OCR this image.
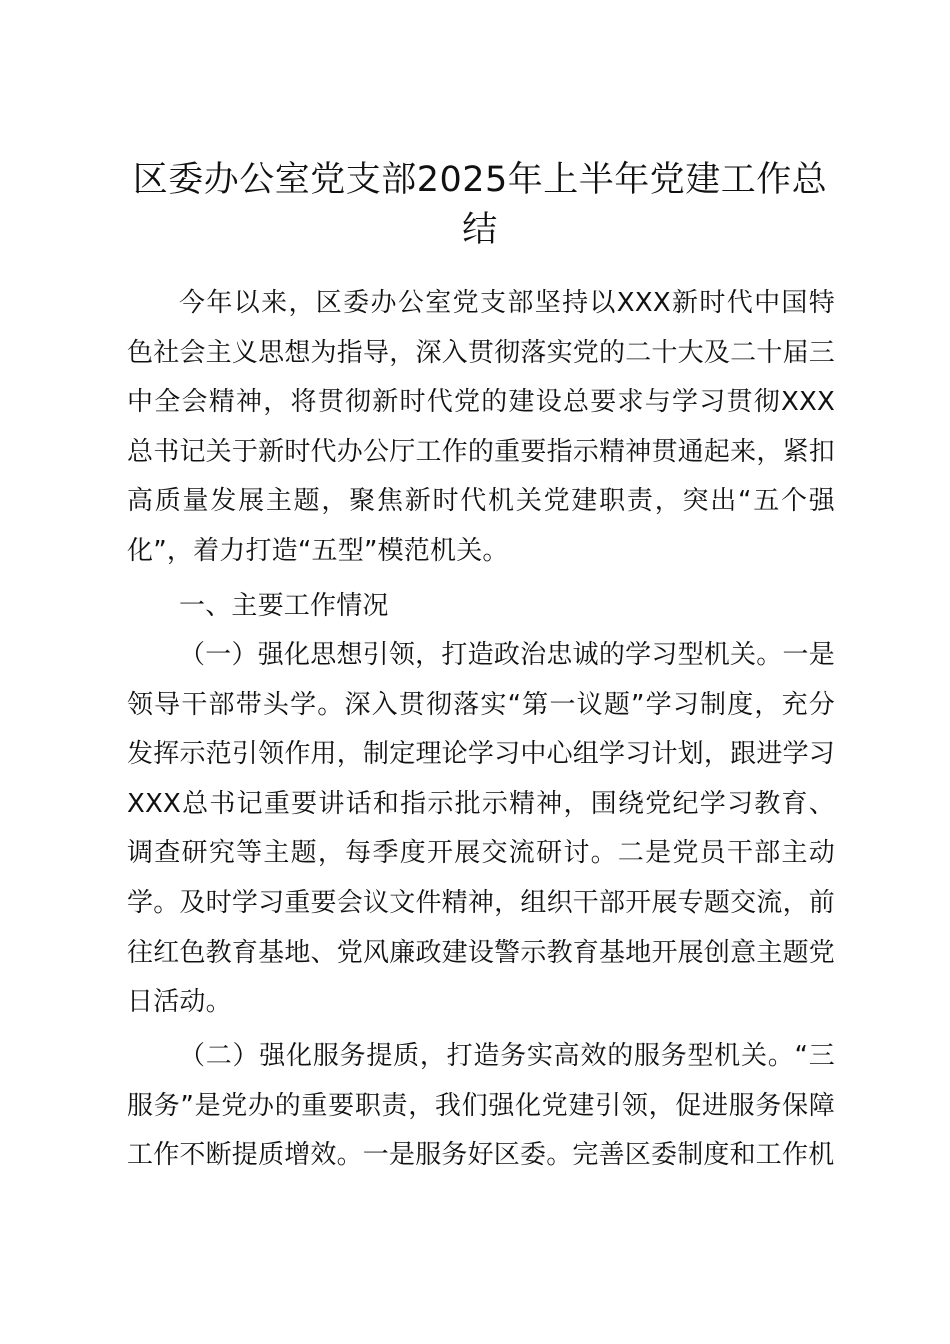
区委办公室党支部2025年上半年党建工作总结

今年以来，区委办公室党支部坚持以XXX新时代中国特色社会主义思想为指导，深入贯彻落实党的二十大及二十届三中全会精神，将贯彻新时代党的建设总要求与学习贯彻XXX总书记关于新时代办公厅工作的重要指示精神贯通起来，紧扣高质量发展主题，聚焦新时代机关党建职责，突出“五个强化”，着力打造“五型”模范机关。

一、主要工作情况

（一）强化思想引领，打造政治忠诚的学习型机关。一是领导干部带头学。深入贯彻落实“第一议题”学习制度，充分发挥示范引领作用，制定理论学习中心组学习计划，跟进学习XXX总书记重要讲话和指示批示精神，围绕党纪学习教育、调查研究等主题，每季度开展交流研讨。二是党员干部主动学。及时学习重要会议文件精神，组织干部开展专题交流，前往红色教育基地、党风廉政建设警示教育基地开展创意主题党日活动。

（二）强化服务提质，打造务实高效的服务型机关。“三服务”是党办的重要职责，我们强化党建引领，促进服务保障工作不断提质增效。一是服务好区委。完善区委制度和工作机
